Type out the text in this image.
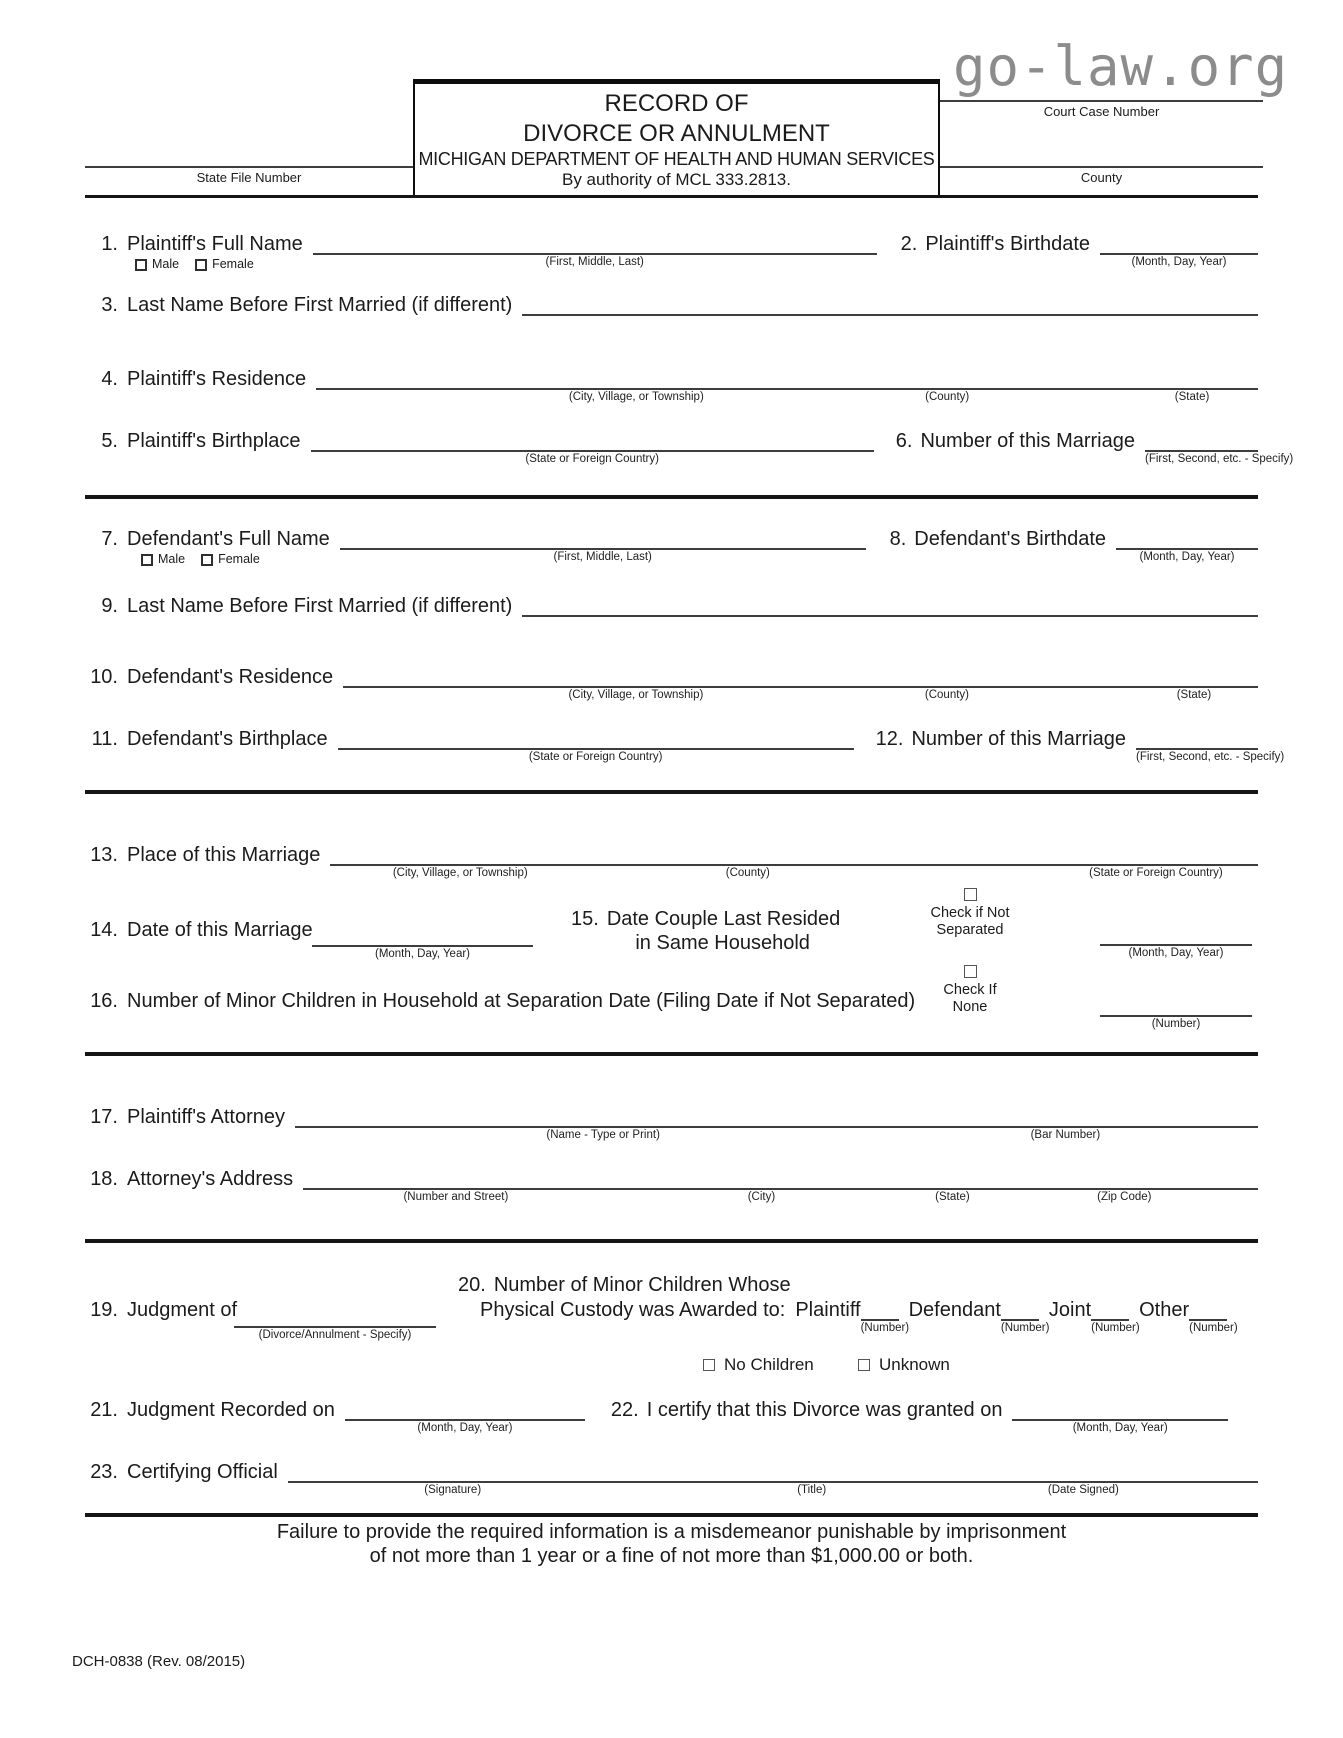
go-law.org
State File Number
RECORD OF
DIVORCE OR ANNULMENT
MICHIGAN DEPARTMENT OF HEALTH AND HUMAN SERVICES
By authority of MCL 333.2813.
Court Case Number
County
1. Plaintiff's Full Name
(First, Middle, Last)
2. Plaintiff's Birthdate
(Month, Day, Year)
Male	Female
3. Last Name Before First Married (if different)
4. Plaintiff's Residence
(City, Village, or Township)	(County)	(State)
5. Plaintiff's Birthplace
(State or Foreign Country)
6. Number of this Marriage
(First, Second, etc. - Specify)
7. Defendant's Full Name
(First, Middle, Last)
8. Defendant's Birthdate
(Month, Day, Year)
Male	Female
9. Last Name Before First Married (if different)
10. Defendant's Residence
(City, Village, or Township)	(County)	(State)
11. Defendant's Birthplace
(State or Foreign Country)
12. Number of this Marriage
(First, Second, etc. - Specify)
13. Place of this Marriage
(City, Village, or Township)	(County)	(State or Foreign Country)
14. Date of this Marriage
(Month, Day, Year)
15. Date Couple Last Resided
in Same Household
Check if Not
Separated
(Month, Day, Year)
16. Number of Minor Children in Household at Separation Date (Filing Date if Not Separated)	Check If
None
(Number)
17. Plaintiff's Attorney
(Name - Type or Print)	(Bar Number)
18. Attorney's Address
(Number and Street)	(City)	(State)	(Zip Code)
20. Number of Minor Children Whose
19. Judgment of
(Divorce/Annulment - Specify)
Physical Custody was Awarded to: Plaintiff
(Number)
Defendant
(Number)
Joint
(Number)
Other
(Number)
No Children	Unknown
21. Judgment Recorded on
(Month, Day, Year)
22. I certify that this Divorce was granted on
(Month, Day, Year)
23. Certifying Official
(Signature)	(Title)	(Date Signed)
Failure to provide the required information is a misdemeanor punishable by imprisonment
of not more than 1 year or a fine of not more than $1,000.00 or both.
DCH-0838 (Rev. 08/2015)
